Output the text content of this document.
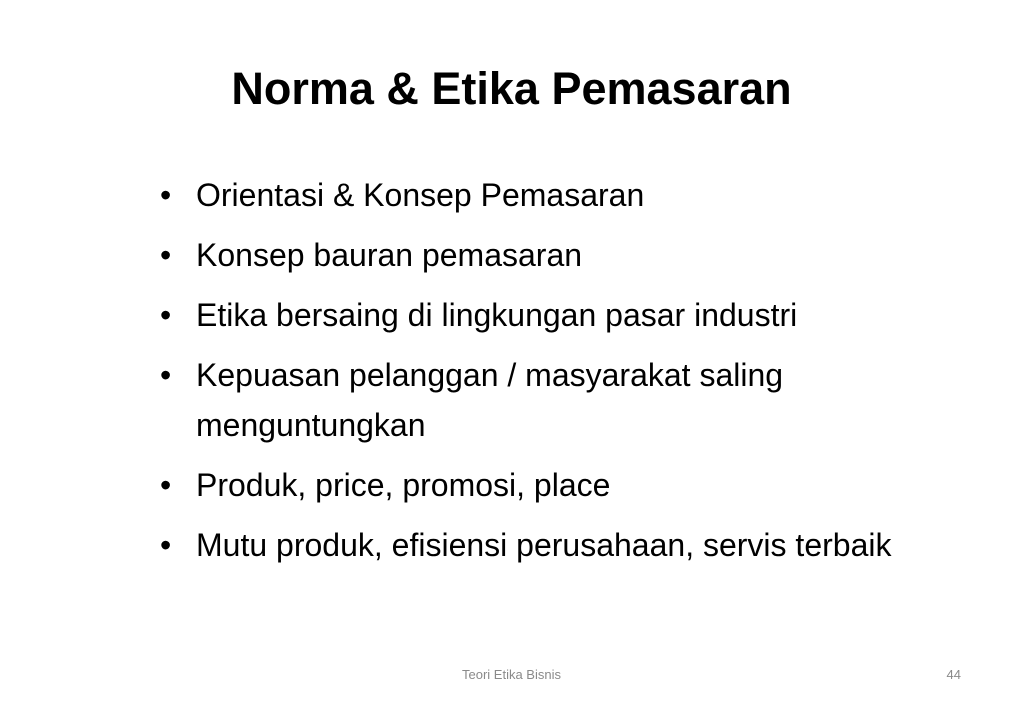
Norma & Etika Pemasaran
• Orientasi & Konsep Pemasaran
• Konsep bauran pemasaran
• Etika bersaing di lingkungan pasar industri
• Kepuasan pelanggan / masyarakat saling menguntungkan
• Produk, price, promosi, place
• Mutu produk, efisiensi perusahaan, servis terbaik
Teori Etika Bisnis	44
